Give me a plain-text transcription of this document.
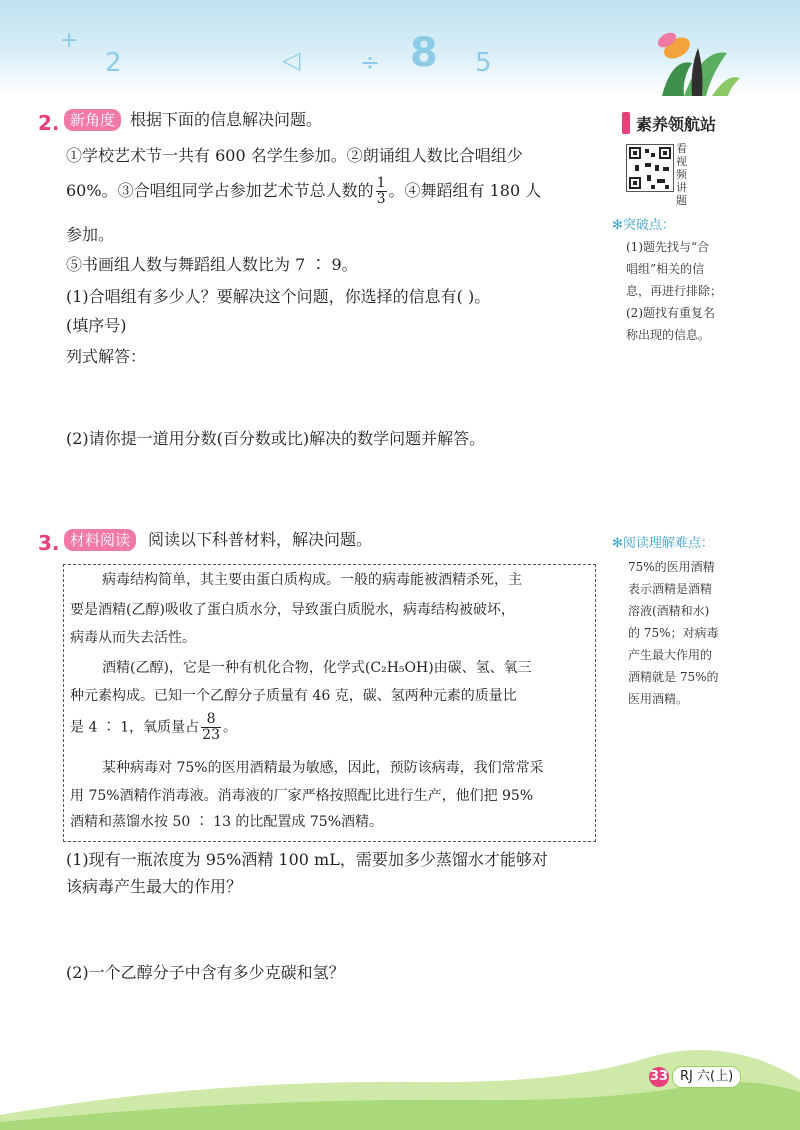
+
2	◁ ÷ 8 5
2. 新角度 根据下面的信息解决问题。
①学校艺术节一共有 600 名学生参加。②朗诵组人数比合唱组少
60%。③合唱组同学占参加艺术节总人数的 $\frac{1}{3}$ 。④舞蹈组有 180 人
参加。
⑤书画组人数与舞蹈组人数比为 7 ∶ 9。
(1)合唱组有多少人？要解决这个问题，你选择的信息有( )。
(填序号)
列式解答：
(2)请你提一道用分数(百分数或比)解决的数学问题并解答。
素养领航站
看视频讲题
✻突破点：
(1)题先找与“合
唱组”相关的信
息，再进行排除；
(2)题找有重复名
称出现的信息。
✻阅读理解难点：
75%的医用酒精
表示酒精是酒精
溶液(酒精和水)
的 75%；对病毒
产生最大作用的
酒精就是 75%的
医用酒精。
3. 材料阅读	阅读以下科普材料，解决问题。
病毒结构简单，其主要由蛋白质构成。一般的病毒能被酒精杀死，主
要是酒精(乙醇)吸收了蛋白质水分，导致蛋白质脱水，病毒结构被破坏，
病毒从而失去活性。
酒精(乙醇)，它是一种有机化合物，化学式(C₂H₅OH)由碳、氢、氧三
种元素构成。已知一个乙醇分子质量有 46 克，碳、氢两种元素的质量比
是 4 ∶ 1，氧质量占 $\frac{8}{23}$ 。
某种病毒对 75%的医用酒精最为敏感，因此，预防该病毒，我们常常采
用 75%酒精作消毒液。消毒液的厂家严格按照配比进行生产，他们把 95%
酒精和蒸馏水按 50 ∶ 13 的比配置成 75%酒精。
(1)现有一瓶浓度为 95%酒精 100 mL，需要加多少蒸馏水才能够对
该病毒产生最大的作用？
(2)一个乙醇分子中含有多少克碳和氢？
33 RJ 六(上)
